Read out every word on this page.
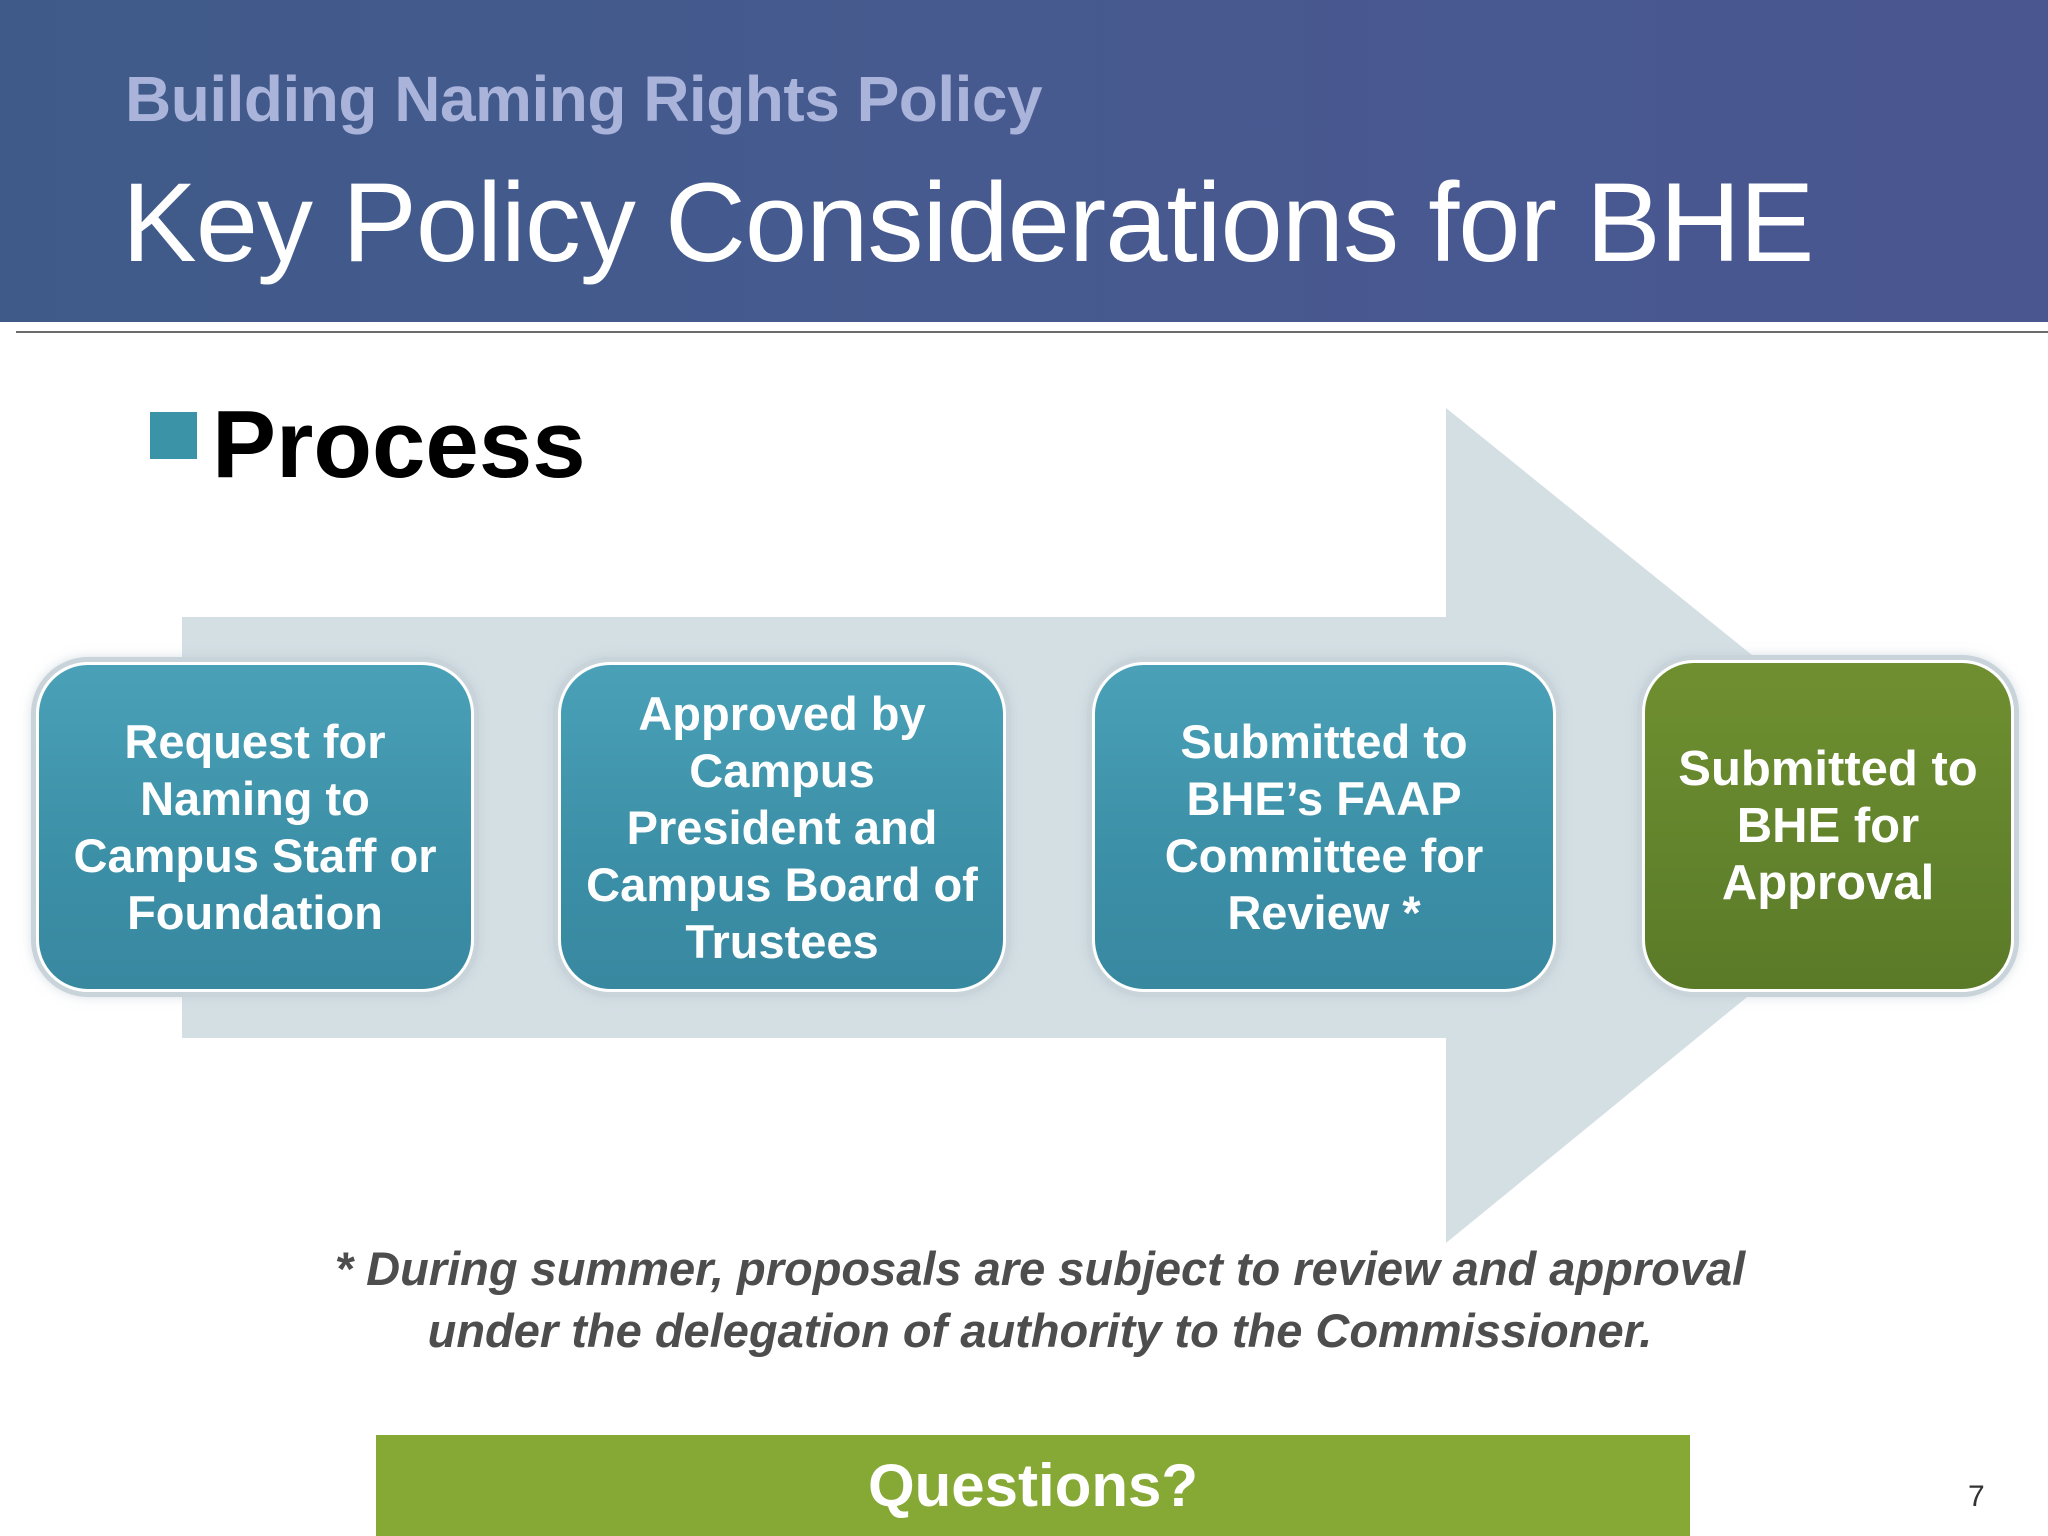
Building Naming Rights Policy
Key Policy Considerations for BHE
Process
Request for Naming to Campus Staff or Foundation
Approved by Campus President and Campus Board of Trustees
Submitted to BHE’s FAAP Committee for Review *
Submitted to BHE for Approval
* During summer, proposals are subject to review and approval under the delegation of authority to the Commissioner.
Questions?	7
